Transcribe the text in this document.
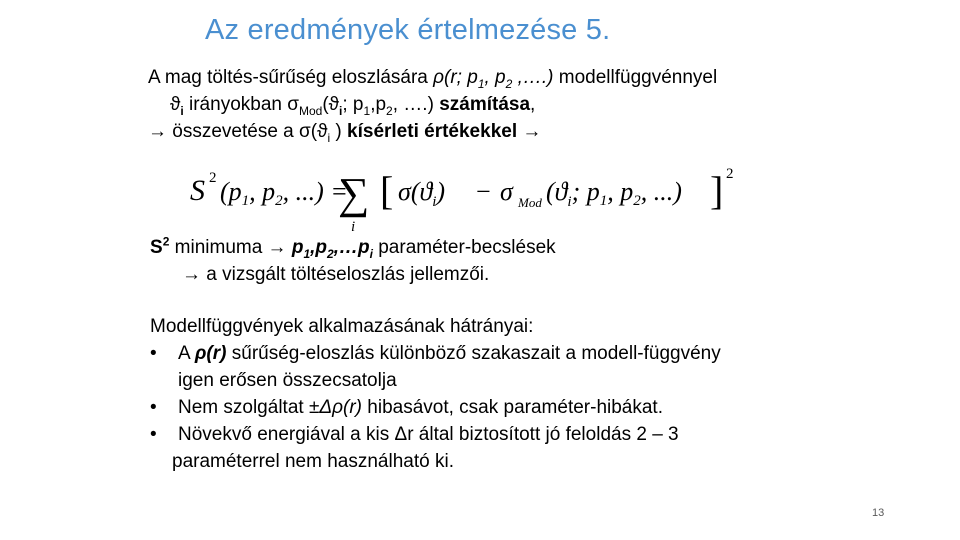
Az eredmények értelmezése 5.
A mag töltés-sűrűség eloszlására ρ(r; $p_1$, $p_2$ ,….) modellfüggvénnyel
$ϑ_i$ irányokban $\sigma_{Mod}(ϑ_i$; $p_1,p_2$, ….) számítása,
→ összevetése a $\sigma(ϑ_i$ ) kísérleti értékekkel →
S 2 (p1, p2, ...) =
∑
i
[ $\sigma(ϑ_i) - \sigma$ Mod ($ϑ_i$; p1, p2, ...) ] 2
$S^2$ minimuma → $p_1,p_2,\dots p_i$ paraméter-becslések
→ a vizsgált töltéseloszlás jellemzői.
Modellfüggvények alkalmazásának hátrányai:
• A ρ(r) sűrűség-eloszlás különböző szakaszait a modell-függvény
igen erősen összecsatolja
• Nem szolgáltat ±Δρ(r) hibasávot, csak paraméter-hibákat.
• Növekvő energiával a kis Δr által biztosított jó feloldás 2 – 3
paraméterrel nem használható ki.
13
